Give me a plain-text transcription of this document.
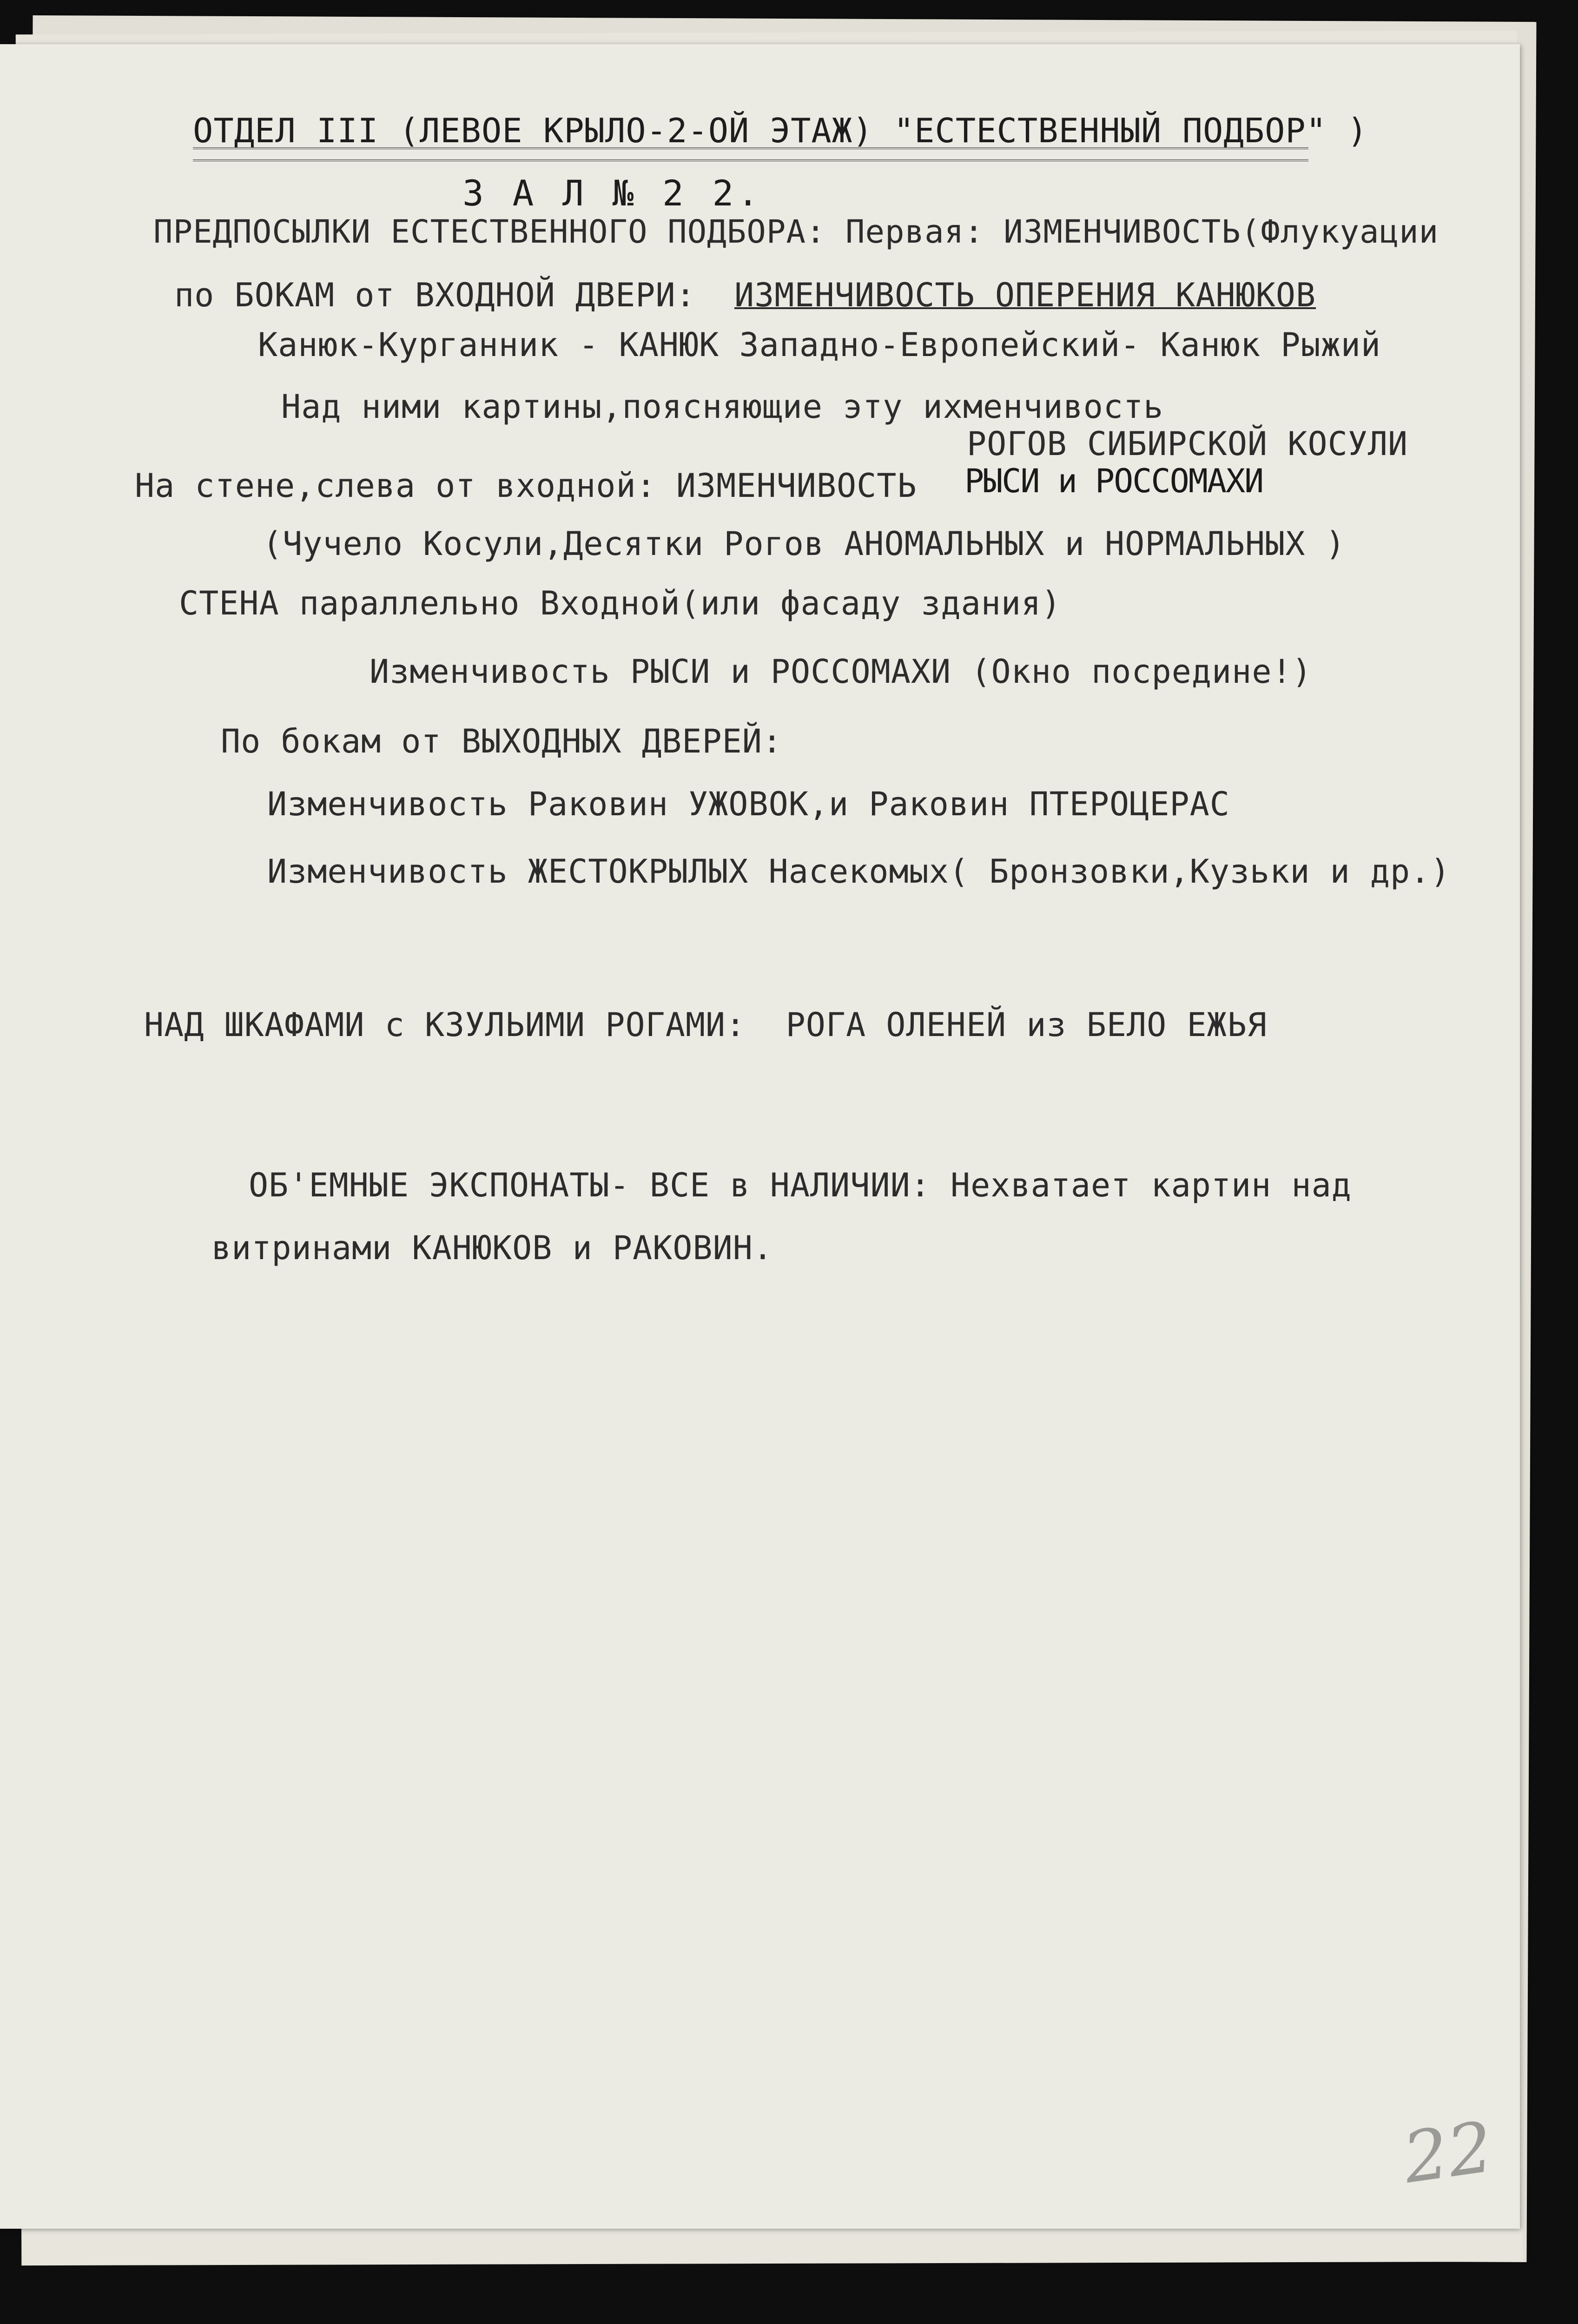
ОТДЕЛ III (ЛЕВОЕ КРЫЛО-2-ОЙ ЭТАЖ) "ЕСТЕСТВЕННЫЙ ПОДБОР" )
З А Л № 2 2.
ПРЕДПОСЫЛКИ ЕСТЕСТВЕННОГО ПОДБОРА: Первая: ИЗМЕНЧИВОСТЬ(Флукуации
по БОКАМ от ВХОДНОЙ ДВЕРИ: ИЗМЕНЧИВОСТЬ ОПЕРЕНИЯ КАНЮКОВ
Канюк-Курганник - КАНЮК Западно-Европейский- Канюк Рыжий
Над ними картины,поясняющие эту ихменчивость
РОГОВ СИБИРСКОЙ КОСУЛИ
На стене,слева от входной: ИЗМЕНЧИВОСТЬ РЫСИ и РОССОМАХИ
(Чучело Косули,Десятки Рогов АНОМАЛЬНЫХ и НОРМАЛЬНЫХ )
СТЕНА параллельно Входной(или фасаду здания)
Изменчивость РЫСИ и РОССОМАХИ (Окно посредине!)
По бокам от ВЫХОДНЫХ ДВЕРЕЙ:
Изменчивость Раковин УЖОВОК,и Раковин ПТЕРОЦЕРАС
Изменчивость ЖЕСТОКРЫЛЫХ Насекомых( Бронзовки,Кузьки и др.)
НАД ШКАФАМИ с КЗУЛЬИМИ РОГАМИ:  РОГА ОЛЕНЕЙ из БЕЛО ЕЖЬЯ
ОБ'ЕМНЫЕ ЭКСПОНАТЫ- ВСЕ в НАЛИЧИИ: Нехватает картин над
витринами КАНЮКОВ и РАКОВИН.
22
